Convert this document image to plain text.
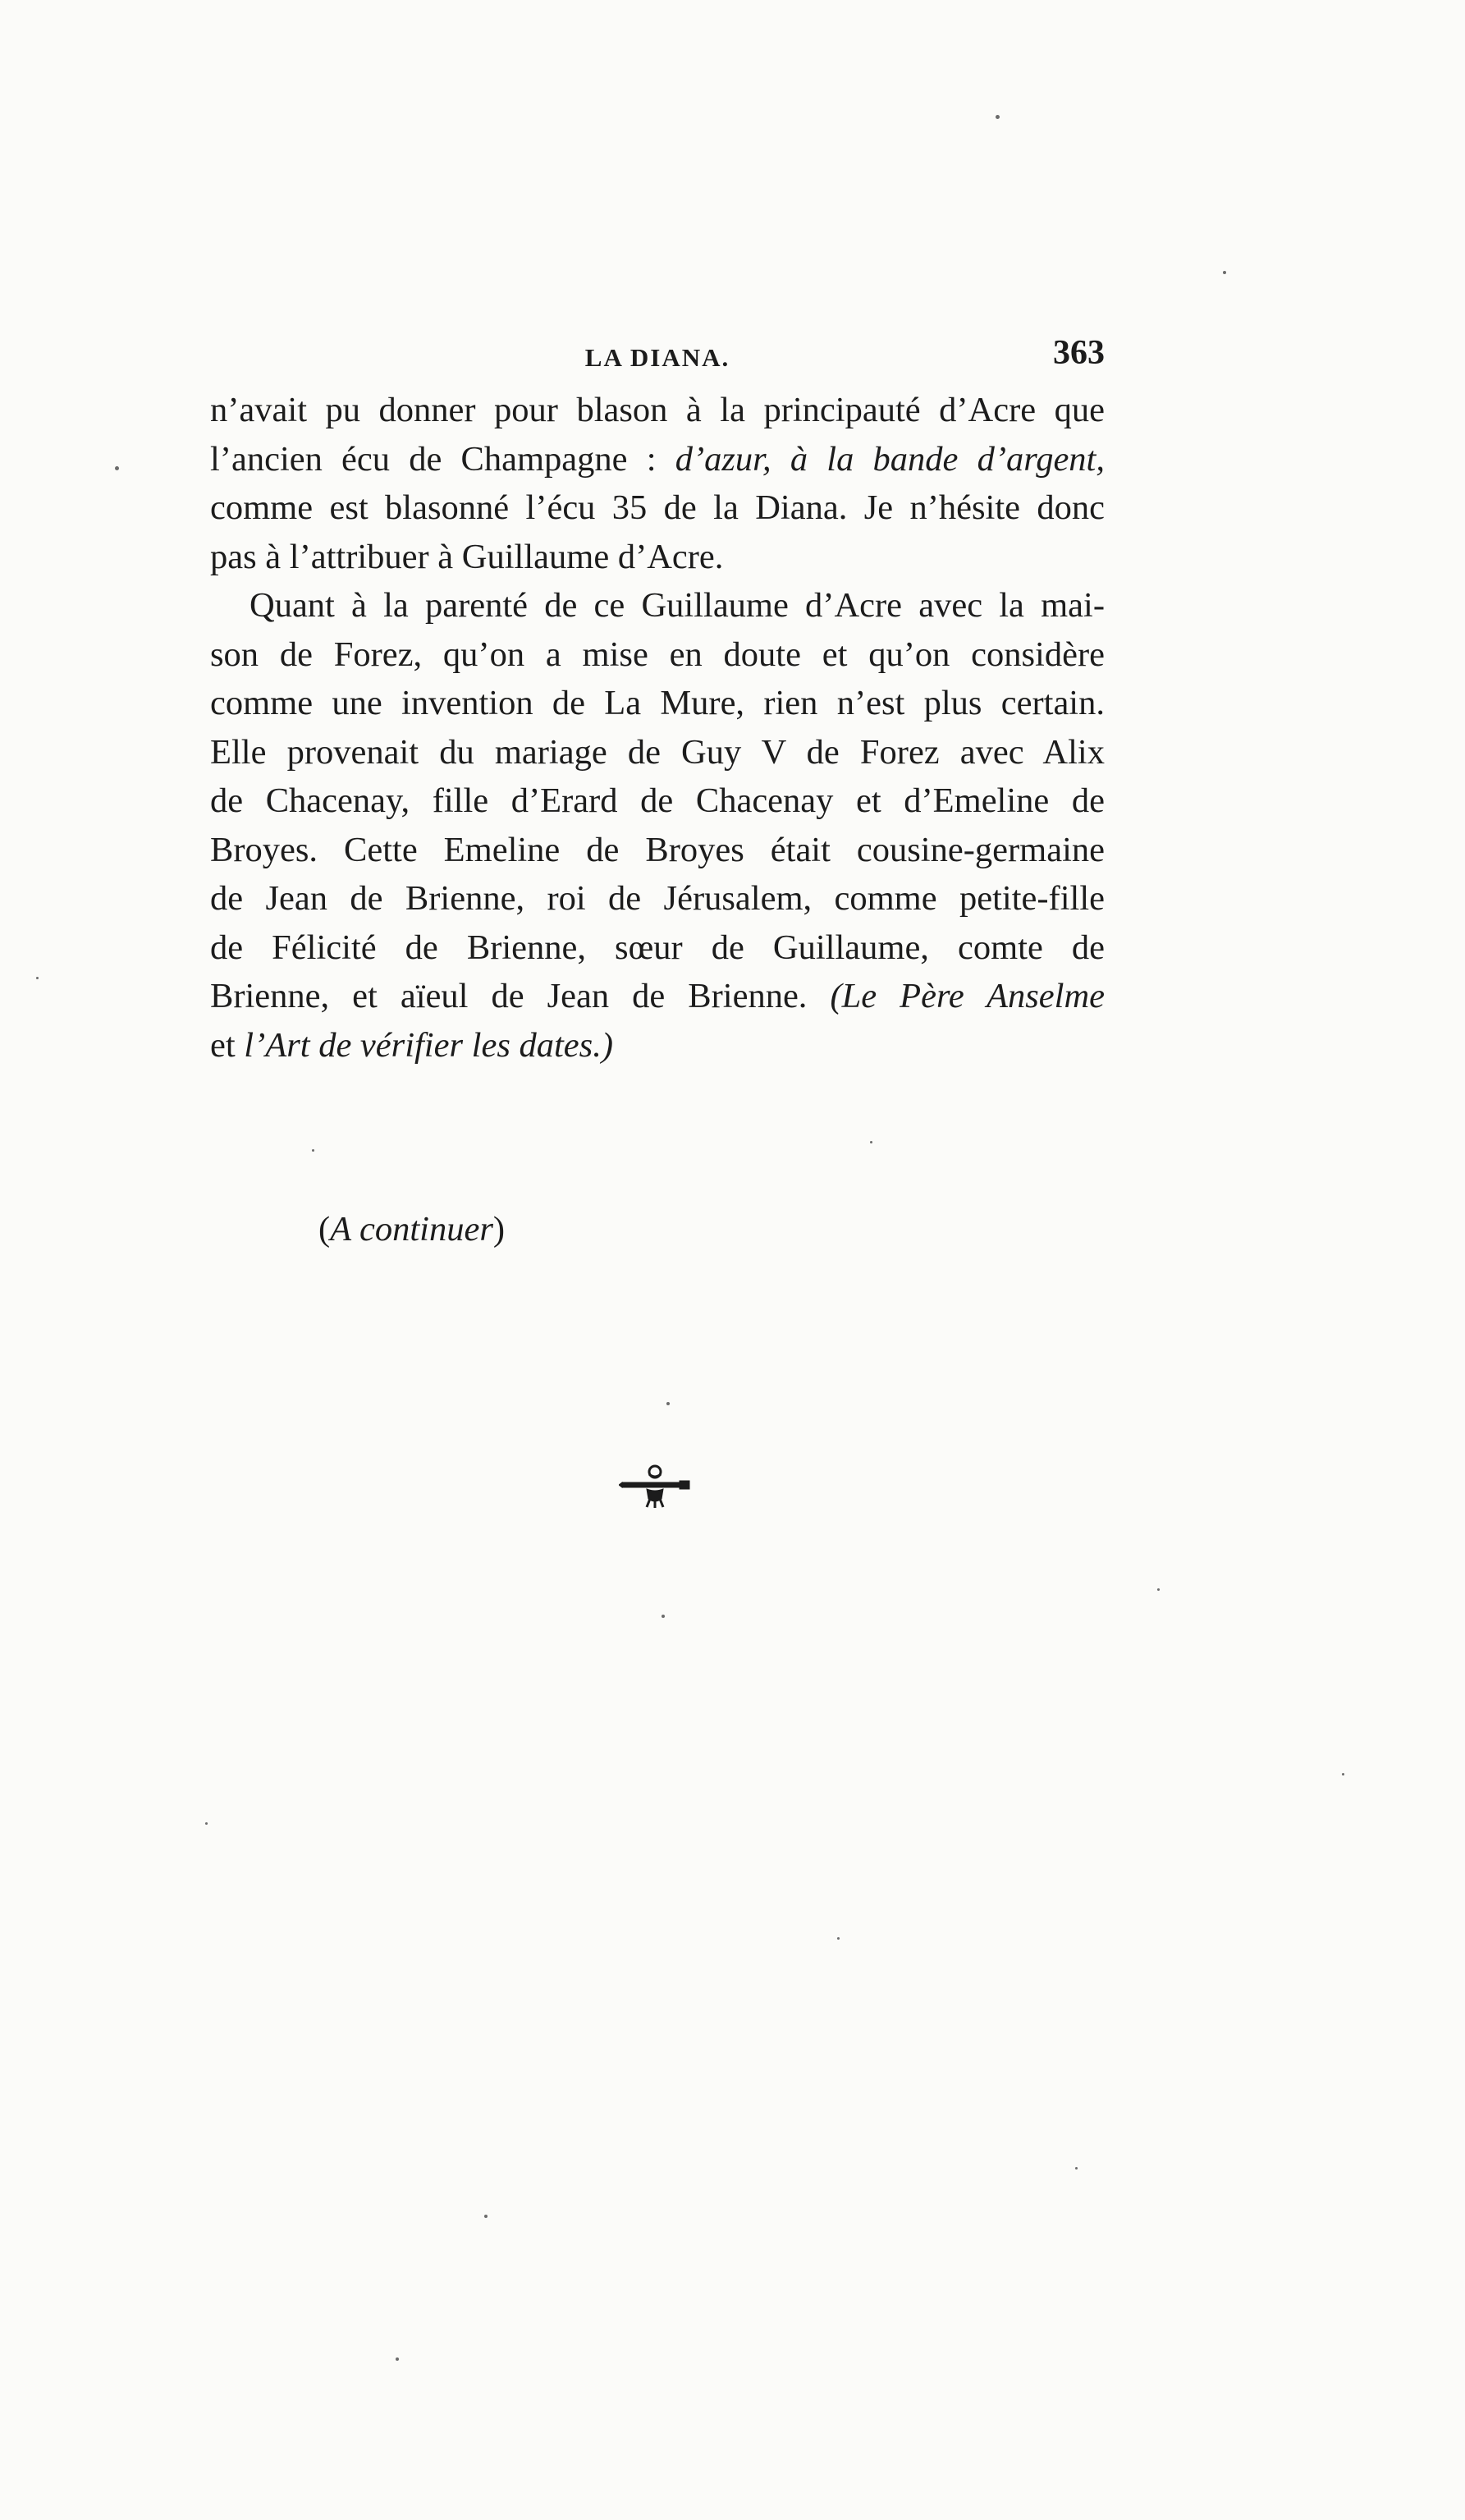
LA DIANA.	363
n’avait pu donner pour blason à la principauté d’Acre que
l’ancien écu de Champagne : d’azur, à la bande d’argent,
comme est blasonné l’écu 35 de la Diana. Je n’hésite donc
pas à l’attribuer à Guillaume d’Acre.
Quant à la parenté de ce Guillaume d’Acre avec la mai-
son de Forez, qu’on a mise en doute et qu’on considère
comme une invention de La Mure, rien n’est plus certain.
Elle provenait du mariage de Guy V de Forez avec Alix
de Chacenay, fille d’Erard de Chacenay et d’Emeline de
Broyes. Cette Emeline de Broyes était cousine-germaine
de Jean de Brienne, roi de Jérusalem, comme petite-fille
de Félicité de Brienne, sœur de Guillaume, comte de
Brienne, et aïeul de Jean de Brienne. (Le Père Anselme
et l’Art de vérifier les dates.)
(A continuer)
